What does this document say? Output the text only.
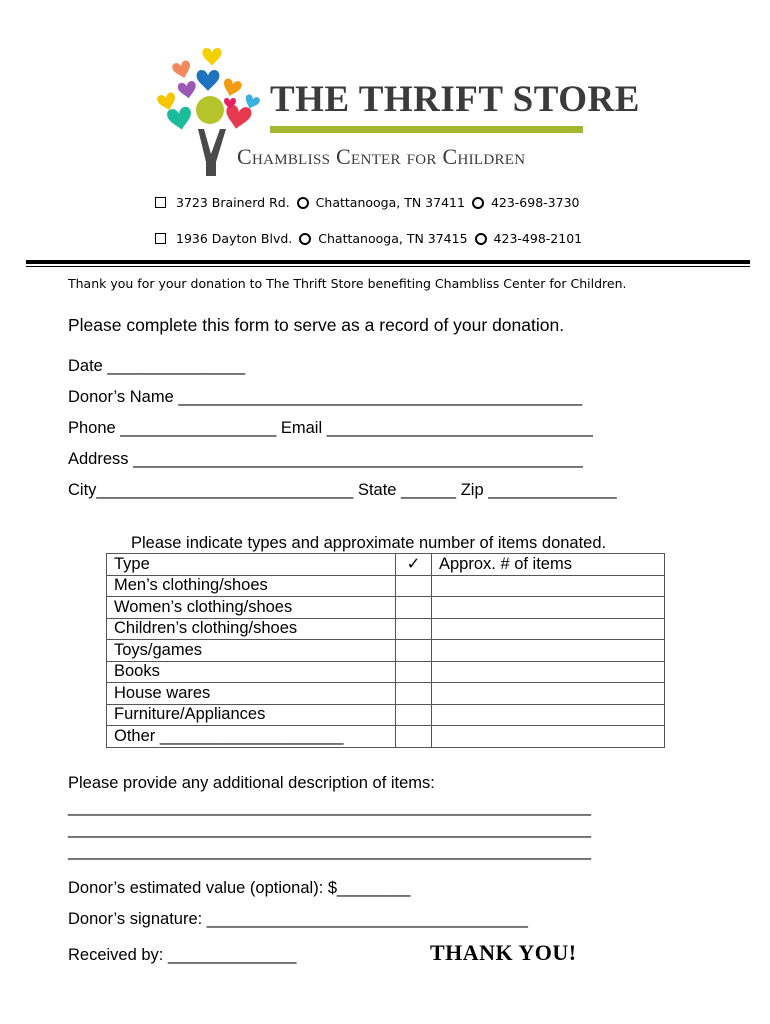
THE THRIFT STORE
Chambliss Center for Children
3723 Brainerd Rd. Chattanooga, TN 37411 423-698-3730
1936 Dayton Blvd. Chattanooga, TN 37415 423-498-2101
Thank you for your donation to The Thrift Store benefiting Chambliss Center for Children.
Please complete this form to serve as a record of your donation.
Date _______________
Donor’s Name ____________________________________________
Phone _________________ Email _____________________________
Address _________________________________________________
City____________________________ State ______ Zip ______________
Please indicate types and approximate number of items donated.
Type	✓	Approx. # of items
Men’s clothing/shoes		
Women’s clothing/shoes		
Children’s clothing/shoes		
Toys/games		
Books		
House wares		
Furniture/Appliances		
Other ____________________		
Please provide any additional description of items:
_________________________________________________________
_________________________________________________________
_________________________________________________________
Donor’s estimated value (optional): $________
Donor’s signature: ___________________________________
Received by: ______________	THANK YOU!
